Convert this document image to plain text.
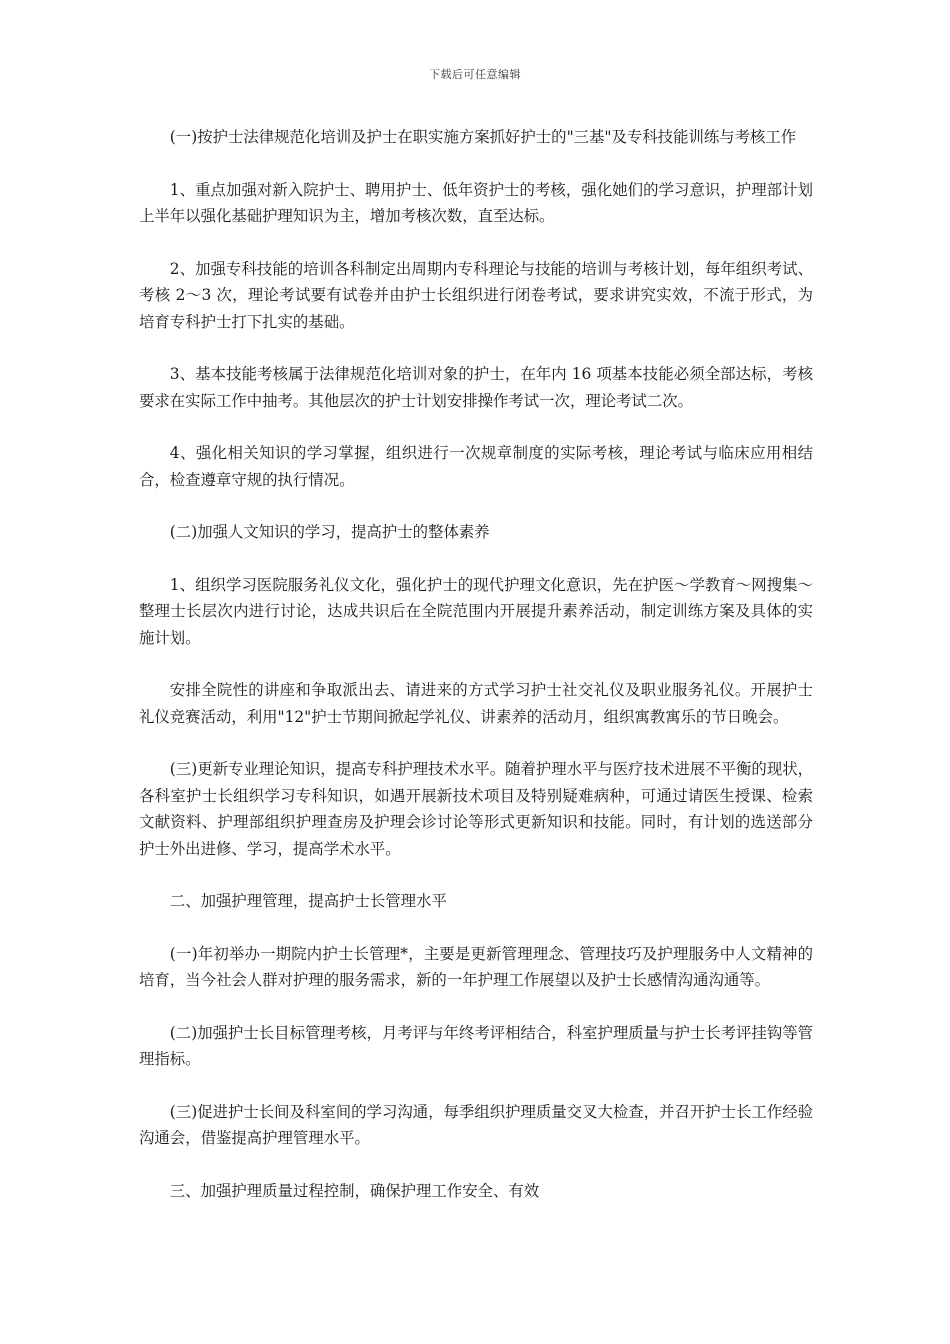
下载后可任意编辑

(一)按护士法律规范化培训及护士在职实施方案抓好护士的"三基"及专科技能训练与考核工作

1、重点加强对新入院护士、聘用护士、低年资护士的考核，强化她们的学习意识，护理部计划上半年以强化基础护理知识为主，增加考核次数，直至达标。

2、加强专科技能的培训各科制定出周期内专科理论与技能的培训与考核计划，每年组织考试、考核 2～3 次，理论考试要有试卷并由护士长组织进行闭卷考试，要求讲究实效，不流于形式，为培育专科护士打下扎实的基础。

3、基本技能考核属于法律规范化培训对象的护士，在年内 16 项基本技能必须全部达标，考核要求在实际工作中抽考。其他层次的护士计划安排操作考试一次，理论考试二次。

4、强化相关知识的学习掌握，组织进行一次规章制度的实际考核，理论考试与临床应用相结合，检查遵章守规的执行情况。

(二)加强人文知识的学习，提高护士的整体素养

1、组织学习医院服务礼仪文化，强化护士的现代护理文化意识，先在护医～学教育～网搜集～整理士长层次内进行讨论，达成共识后在全院范围内开展提升素养活动，制定训练方案及具体的实施计划。

安排全院性的讲座和争取派出去、请进来的方式学习护士社交礼仪及职业服务礼仪。开展护士礼仪竞赛活动，利用"12"护士节期间掀起学礼仪、讲素养的活动月，组织寓教寓乐的节日晚会。

(三)更新专业理论知识，提高专科护理技术水平。随着护理水平与医疗技术进展不平衡的现状，各科室护士长组织学习专科知识，如遇开展新技术项目及特别疑难病种，可通过请医生授课、检索文献资料、护理部组织护理查房及护理会诊讨论等形式更新知识和技能。同时，有计划的选送部分护士外出进修、学习，提高学术水平。

二、加强护理管理，提高护士长管理水平

(一)年初举办一期院内护士长管理*，主要是更新管理理念、管理技巧及护理服务中人文精神的培育，当今社会人群对护理的服务需求，新的一年护理工作展望以及护士长感情沟通沟通等。

(二)加强护士长目标管理考核，月考评与年终考评相结合，科室护理质量与护士长考评挂钩等管理指标。

(三)促进护士长间及科室间的学习沟通，每季组织护理质量交叉大检查，并召开护士长工作经验沟通会，借鉴提高护理管理水平。

三、加强护理质量过程控制，确保护理工作安全、有效
